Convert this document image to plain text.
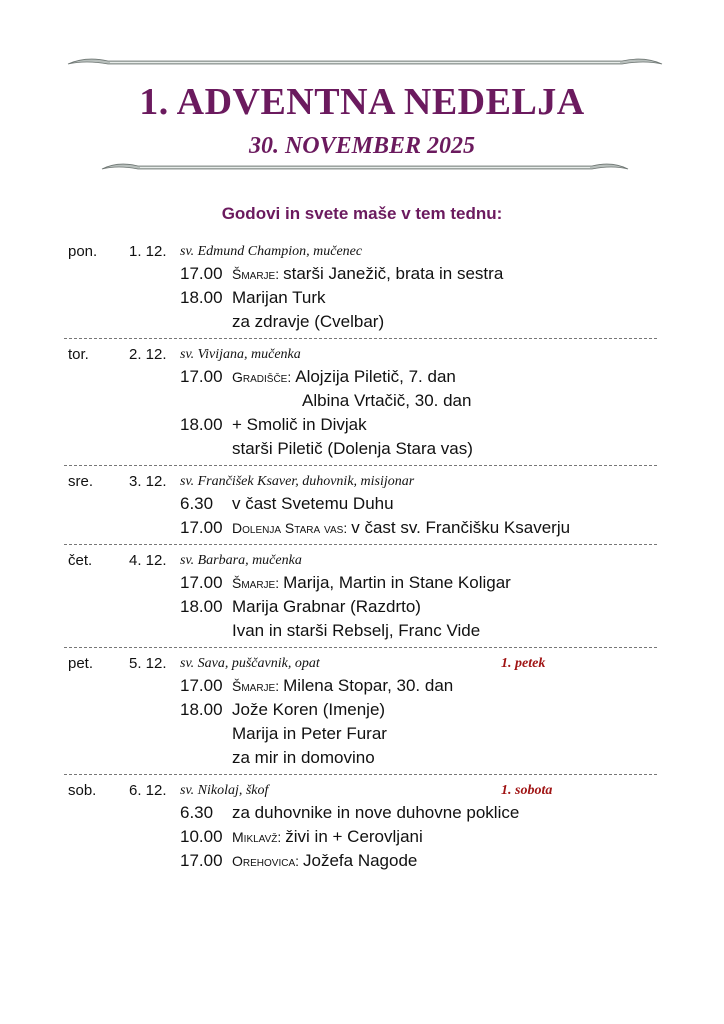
1. ADVENTNA NEDELJA
30. NOVEMBER 2025
Godovi in svete maše v tem tednu:
pon. 1. 12. sv. Edmund Champion, mučenec
17.00 Šmarje: starši Janežič, brata in sestra
18.00 Marijan Turk
za zdravje (Cvelbar)
tor.	2. 12. sv. Vivijana, mučenka
17.00 Gradišče: Alojzija Piletič, 7. dan
Albina Vrtačič, 30. dan
18.00 + Smolič in Divjak
starši Piletič (Dolenja Stara vas)
sre. 3. 12. sv. Frančišek Ksaver, duhovnik, misijonar
6.30 v čast Svetemu Duhu
17.00 Dolenja Stara vas: v čast sv. Frančišku Ksaverju
čet. 4. 12. sv. Barbara, mučenka
17.00 Šmarje: Marija, Martin in Stane Koligar
18.00 Marija Grabnar (Razdrto)
Ivan in starši Rebselj, Franc Vide
pet. 5. 12. sv. Sava, puščavnik, opat	1. petek
17.00 Šmarje: Milena Stopar, 30. dan
18.00 Jože Koren (Imenje)
Marija in Peter Furar
za mir in domovino
sob. 6. 12. sv. Nikolaj, škof	1. sobota
6.30 za duhovnike in nove duhovne poklice
10.00 Miklavž: živi in + Cerovljani
17.00 Orehovica: Jožefa Nagode
